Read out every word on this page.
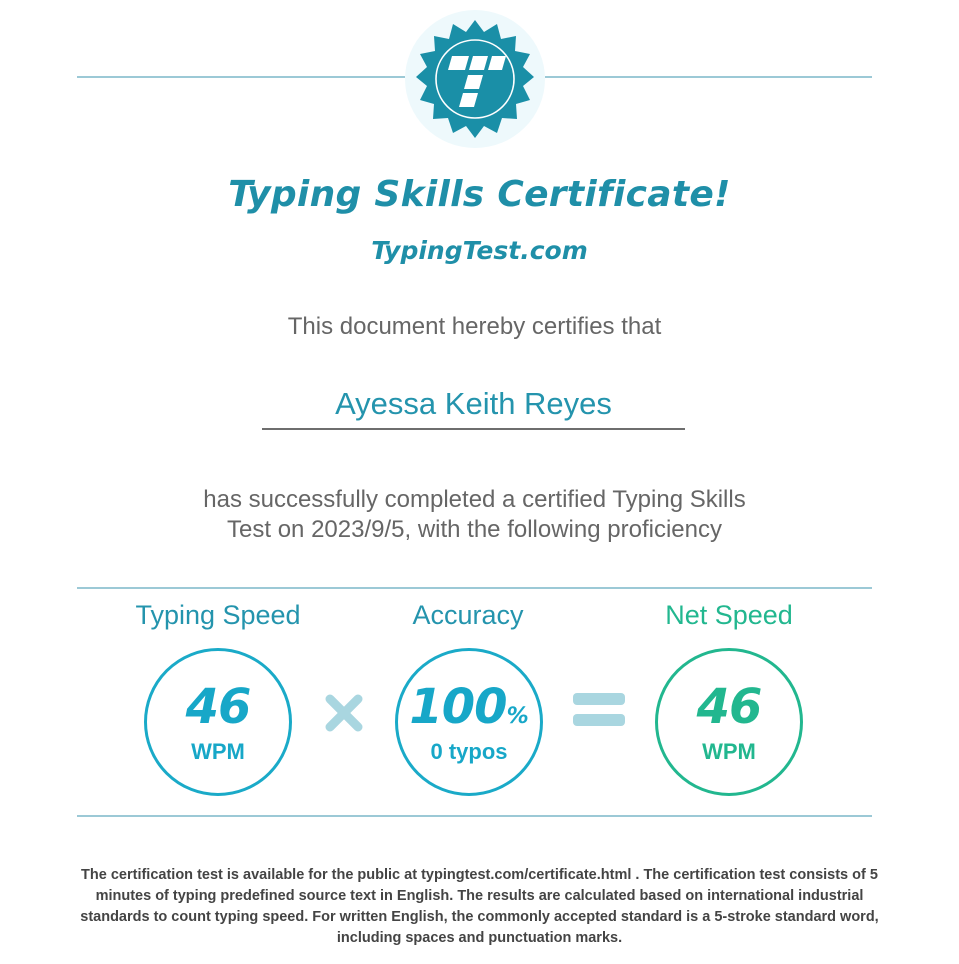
Typing Skills Certificate!
TypingTest.com
This document hereby certifies that
Ayessa Keith Reyes
has successfully completed a certified Typing Skills
Test on 2023/9/5, with the following proficiency
Typing Speed	Accuracy	Net Speed
46
WPM
100%
0 typos
46
WPM
The certification test is available for the public at typingtest.com/certificate.html . The certification test consists of 5 minutes of typing predefined source text in English. The results are calculated based on international industrial standards to count typing speed. For written English, the commonly accepted standard is a 5-stroke standard word, including spaces and punctuation marks.
